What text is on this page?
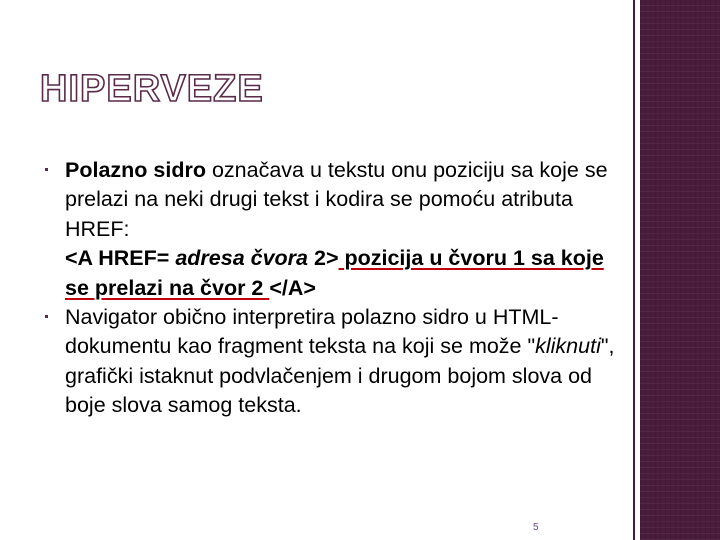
HIPERVEZE
Polazno sidro označava u tekstu onu poziciju sa koje se prelazi na neki drugi tekst i kodira se pomoću atributa HREF:
<A HREF= adresa čvora 2> pozicija u čvoru 1 sa koje se prelazi na čvor 2 </A>
Navigator obično interpretira polazno sidro u HTML-dokumentu kao fragment teksta na koji se može "kliknuti", grafički istaknut podvlačenjem i drugom bojom slova od boje slova samog teksta.
5
